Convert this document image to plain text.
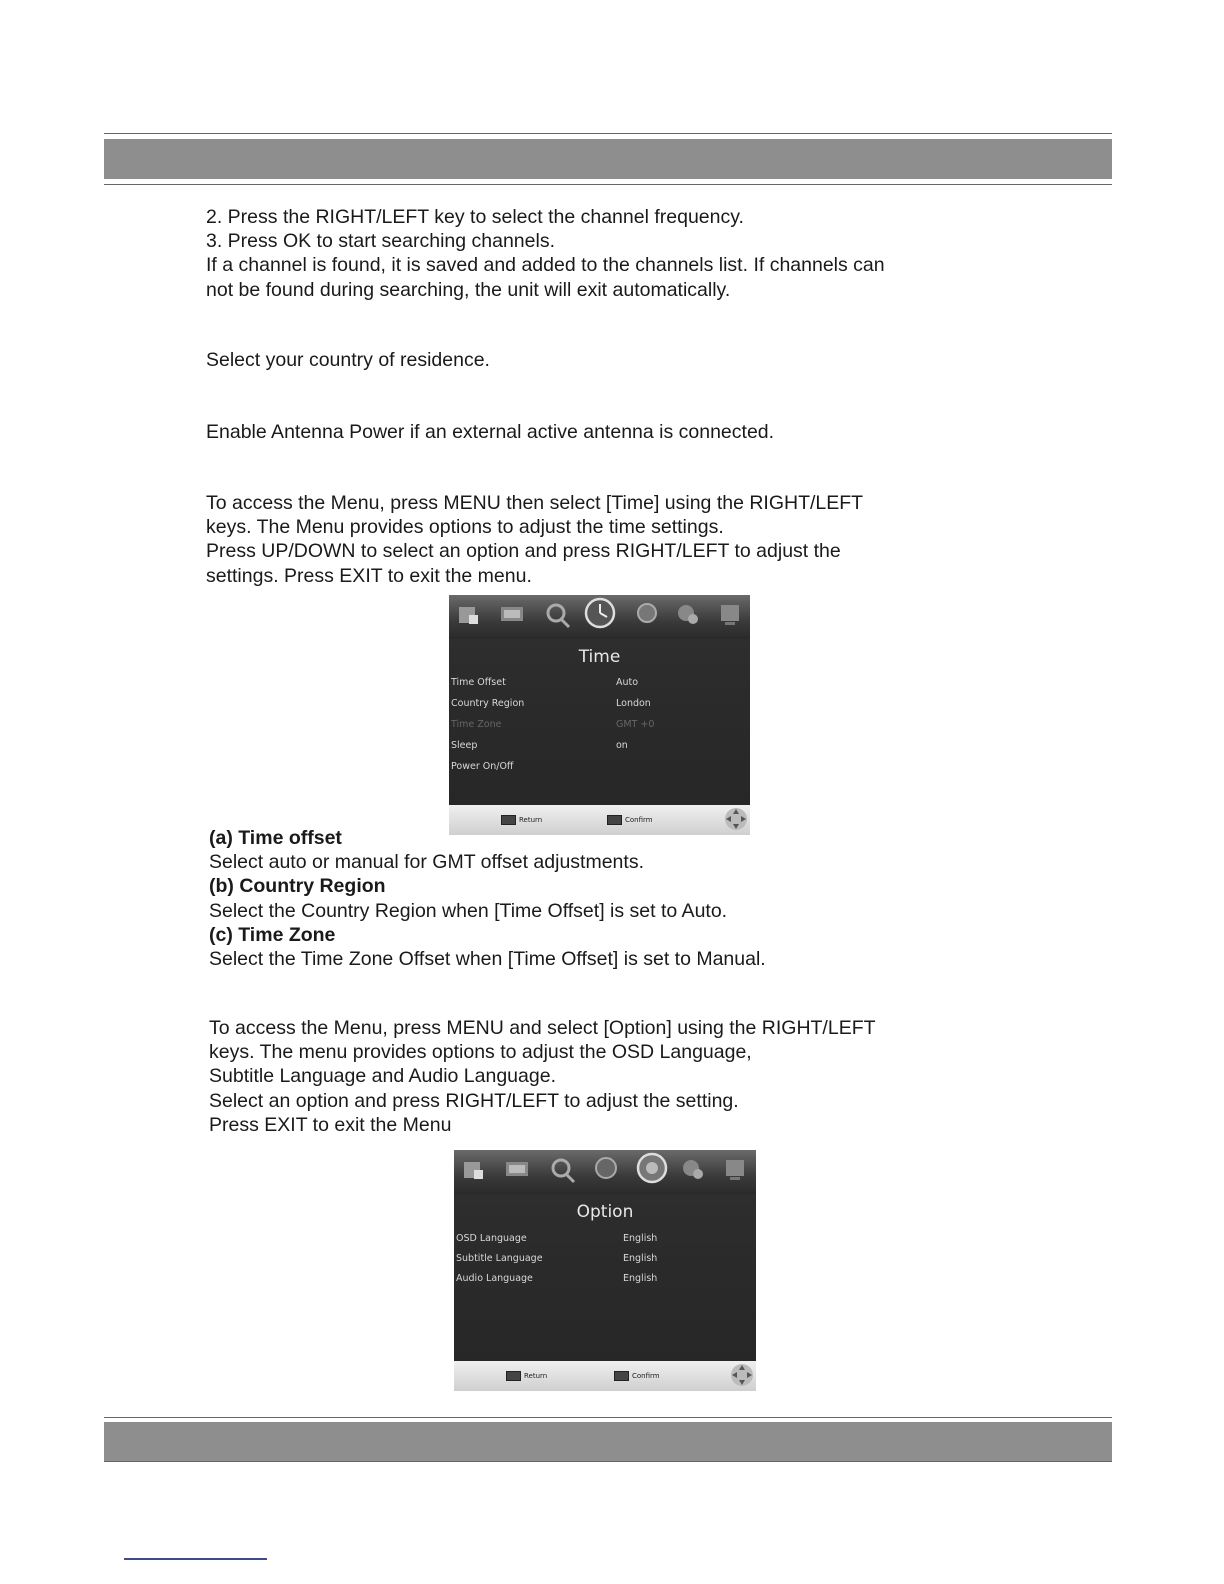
2. Press the RIGHT/LEFT key to select the channel frequency.
3. Press OK to start searching channels.
If a channel is found, it is saved and added to the channels list. If channels can
not be found during searching, the unit will exit automatically.
Select your country of residence.
Enable Antenna Power if an external active antenna is connected.
To access the Menu, press MENU then select [Time] using the RIGHT/LEFT
keys. The Menu provides options to adjust the time settings.
Press UP/DOWN to select an option and press RIGHT/LEFT to adjust the
settings. Press EXIT to exit the menu.
Time
Time Offset	Auto
Country Region	London
Time Zone	GMT +0
Sleep	on
Power On/Off
Return	Confirm
(a) Time offset
Select auto or manual for GMT offset adjustments.
(b) Country Region
Select the Country Region when [Time Offset] is set to Auto.
(c) Time Zone
Select the Time Zone Offset when [Time Offset] is set to Manual.
To access the Menu, press MENU and select [Option] using the RIGHT/LEFT
keys. The menu provides options to adjust the OSD Language,
Subtitle Language and Audio Language.
Select an option and press RIGHT/LEFT to adjust the setting.
Press EXIT to exit the Menu
Option
OSD Language	English
Subtitle Language	English
Audio Language	English
Return	Confirm
